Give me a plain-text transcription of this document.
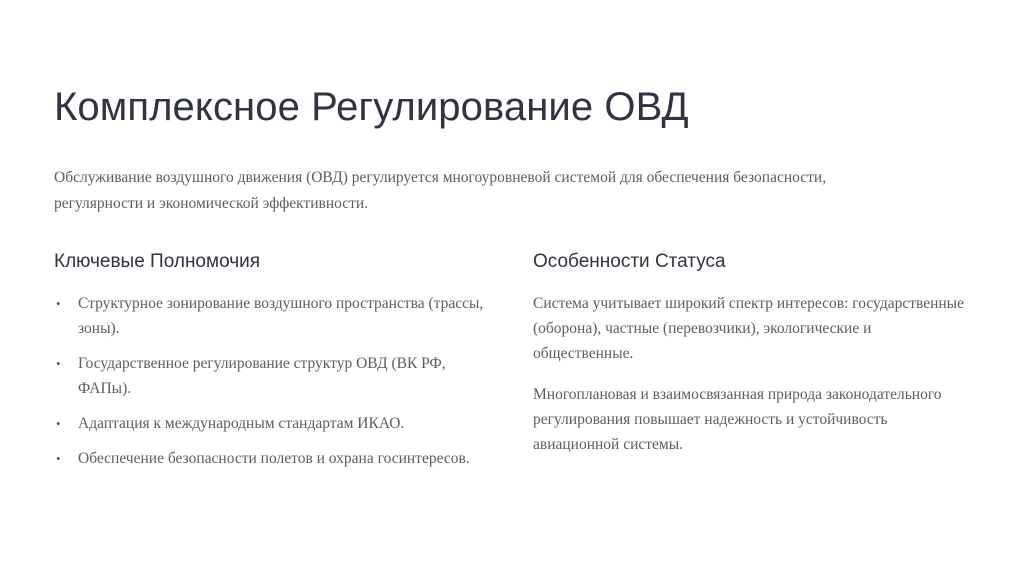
Комплексное Регулирование ОВД

Обслуживание воздушного движения (ОВД) регулируется многоуровневой системой для обеспечения безопасности, регулярности и экономической эффективности.

Ключевые Полномочия
• Структурное зонирование воздушного пространства (трассы, зоны).
• Государственное регулирование структур ОВД (ВК РФ, ФАПы).
• Адаптация к международным стандартам ИКАО.
• Обеспечение безопасности полетов и охрана госинтересов.
Особенности Статуса

Система учитывает широкий спектр интересов: государственные (оборона), частные (перевозчики), экологические и общественные.

Многоплановая и взаимосвязанная природа законодательного регулирования повышает надежность и устойчивость авиационной системы.
